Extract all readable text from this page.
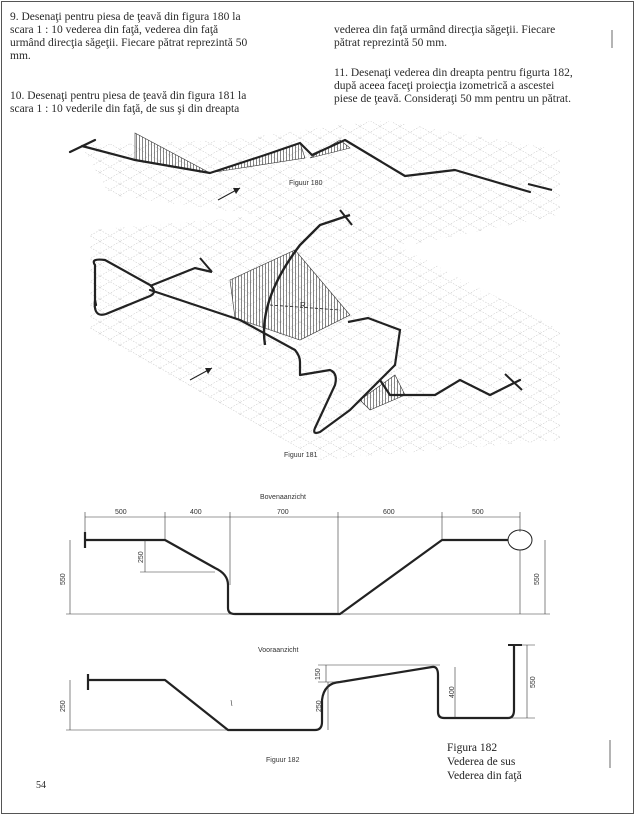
9. Desenaţi pentru piesa de ţeavă din figura 180 la
scara 1 : 10 vederea din faţă, vederea din faţă
urmând direcţia săgeţii. Fiecare pătrat reprezintă 50
mm.
vederea din faţă urmând direcţia săgeţii. Fiecare
pătrat reprezintă 50 mm.
10. Desenaţi pentru piesa de ţeavă din figura 181 la
scara 1 : 10 vederile din faţă, de sus şi din dreapta
11. Desenaţi vederea din dreapta pentru figurta 182,
după aceea faceţi proiecţia izometrică a ascestei
piese de ţeavă. Consideraţi 50 mm pentru un pătrat.
Figuur 180
R
Figuur 181
Bovenaanzicht
Vooraanzicht
Figuur 182
500	400	700	600	500
550
250
550
250	250
150
400
550
Figura 182
Vederea de sus
Vederea din faţă
54
